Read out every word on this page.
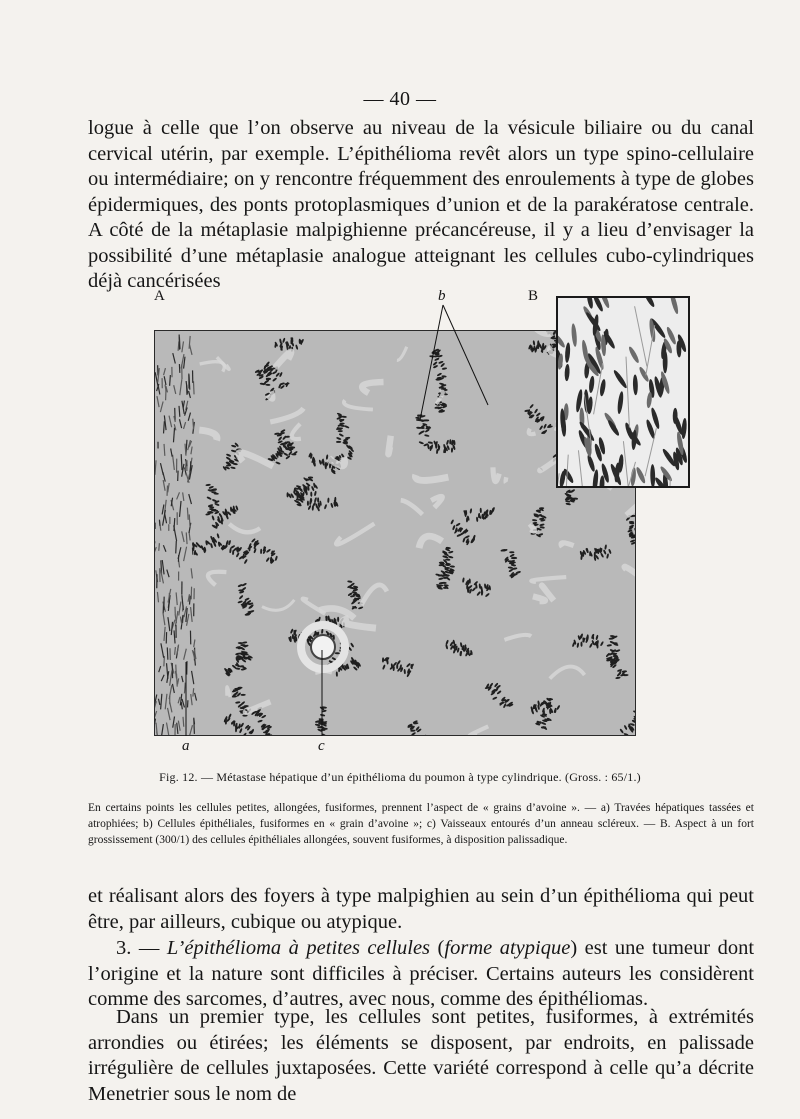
— 40 —

logue à celle que l’on observe au niveau de la vésicule biliaire ou du canal cervical utérin, par exemple. L’épithélioma revêt alors un type spino-cellulaire ou intermédiaire; on y rencontre fréquemment des enroulements à type de globes épidermiques, des ponts protoplasmiques d’union et de la parakératose centrale. A côté de la métaplasie malpighienne précancéreuse, il y a lieu d’envisager la possibilité d’une métaplasie analogue atteignant les cellules cubo-cylindriques déjà cancérisées

A	b	B
a	c
Fig. 12. — Métastase hépatique d’un épithélioma du poumon à type cylindrique. (Gross. : 65/1.)

En certains points les cellules petites, allongées, fusiformes, prennent l’aspect de « grains d’avoine ». — a) Travées hépatiques tassées et atrophiées; b) Cellules épithéliales, fusiformes en « grain d’avoine »; c) Vaisseaux entourés d’un anneau scléreux. — B. Aspect à un fort grossissement (300/1) des cellules épithéliales allongées, souvent fusiformes, à disposition palissadique.

et réalisant alors des foyers à type malpighien au sein d’un épithélioma qui peut être, par ailleurs, cubique ou atypique.

3. — L’épithélioma à petites cellules (forme atypique) est une tumeur dont l’origine et la nature sont difficiles à préciser. Certains auteurs les considèrent comme des sarcomes, d’autres, avec nous, comme des épithéliomas.

Dans un premier type, les cellules sont petites, fusiformes, à extrémités arrondies ou étirées; les éléments se disposent, par endroits, en palissade irrégulière de cellules juxtaposées. Cette variété correspond à celle qu’a décrite Menetrier sous le nom de
